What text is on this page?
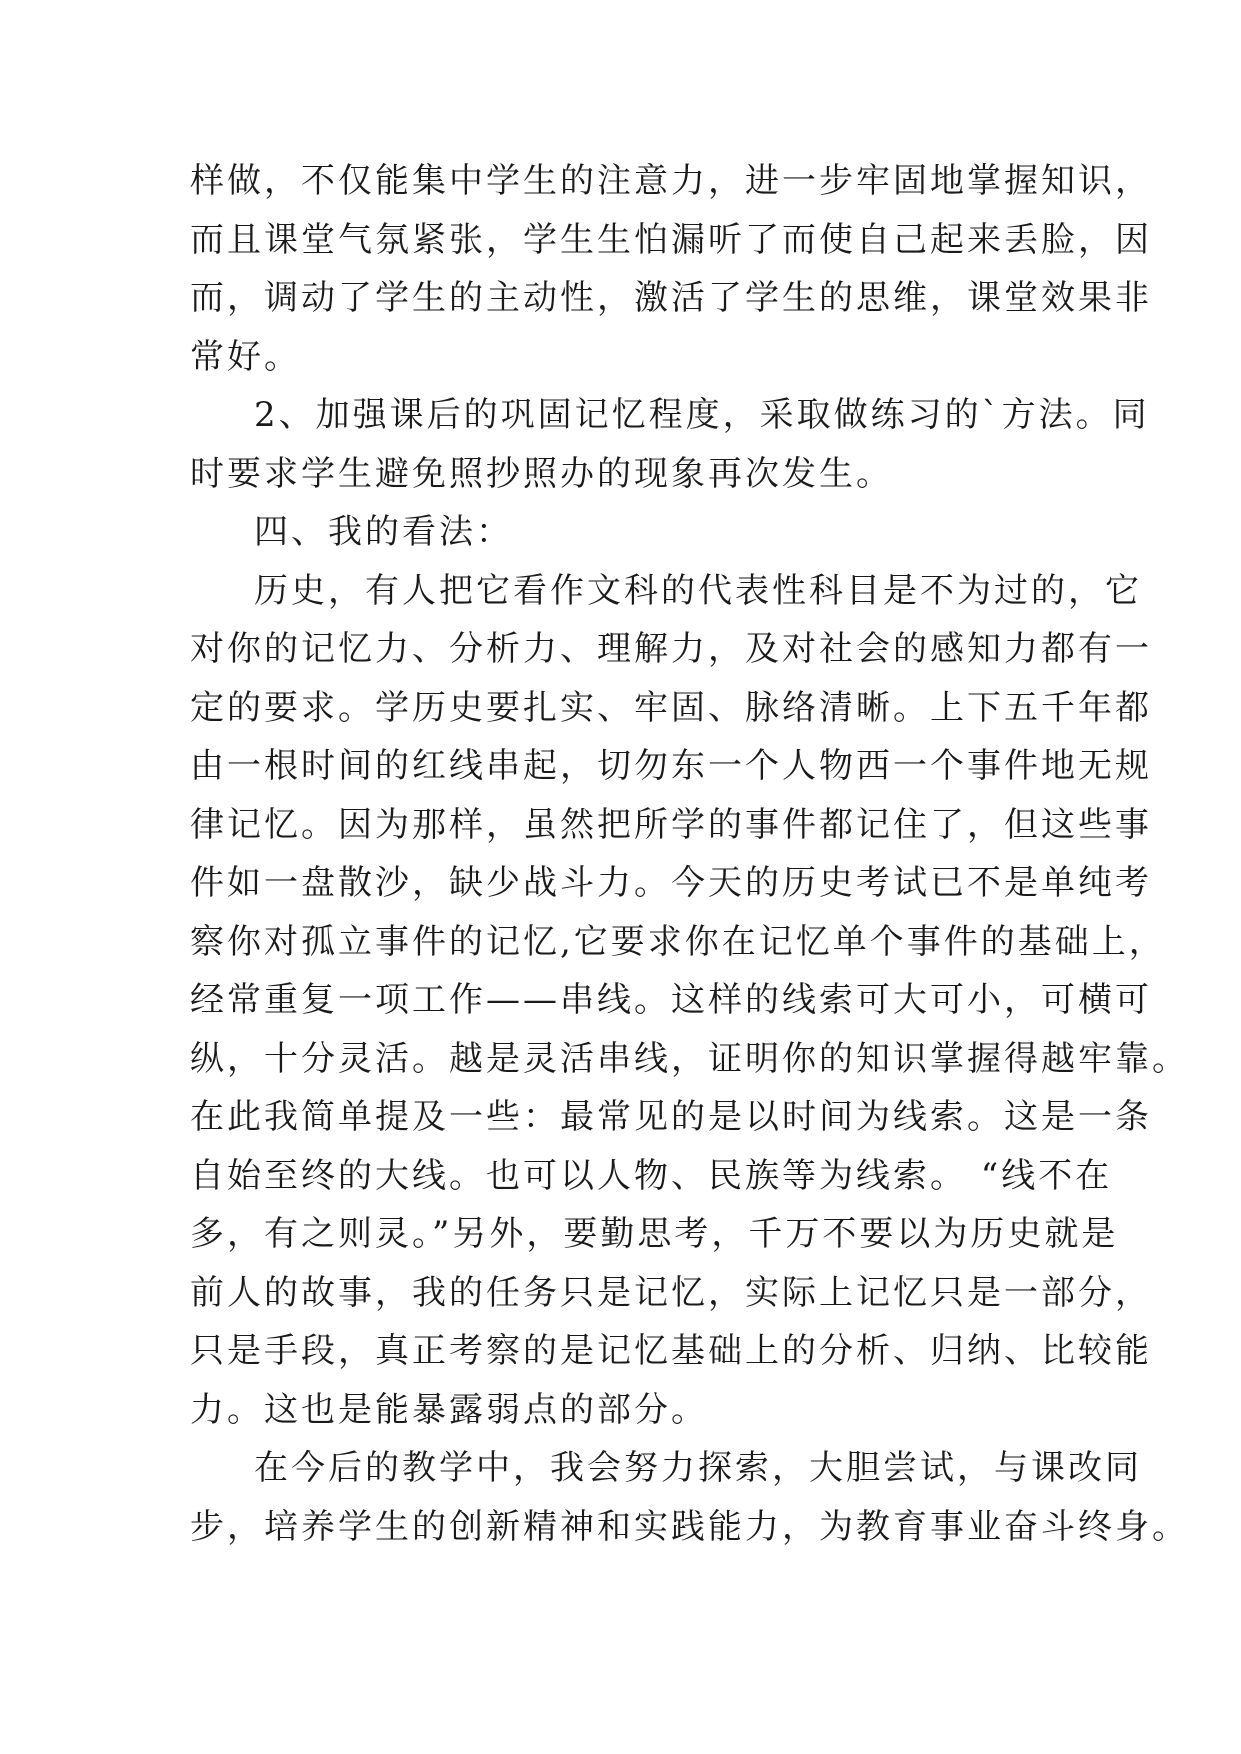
样做，不仅能集中学生的注意力，进一步牢固地掌握知识，
而且课堂气氛紧张，学生生怕漏听了而使自己起来丢脸，因
而，调动了学生的主动性，激活了学生的思维，课堂效果非
常好。
2、加强课后的巩固记忆程度，采取做练习的`方法。同
时要求学生避免照抄照办的现象再次发生。
四、我的看法：
历史，有人把它看作文科的代表性科目是不为过的，它
对你的记忆力、分析力、理解力，及对社会的感知力都有一
定的要求。学历史要扎实、牢固、脉络清晰。上下五千年都
由一根时间的红线串起，切勿东一个人物西一个事件地无规
律记忆。因为那样，虽然把所学的事件都记住了，但这些事
件如一盘散沙，缺少战斗力。今天的历史考试已不是单纯考
察你对孤立事件的记忆,它要求你在记忆单个事件的基础上，
经常重复一项工作——串线。这样的线索可大可小，可横可
纵，十分灵活。越是灵活串线，证明你的知识掌握得越牢靠。
在此我简单提及一些：最常见的是以时间为线索。这是一条
自始至终的大线。也可以人物、民族等为线索。 “线不在
多，有之则灵。”另外，要勤思考，千万不要以为历史就是
前人的故事，我的任务只是记忆，实际上记忆只是一部分，
只是手段，真正考察的是记忆基础上的分析、归纳、比较能
力。这也是能暴露弱点的部分。
在今后的教学中，我会努力探索，大胆尝试，与课改同
步，培养学生的创新精神和实践能力，为教育事业奋斗终身。
